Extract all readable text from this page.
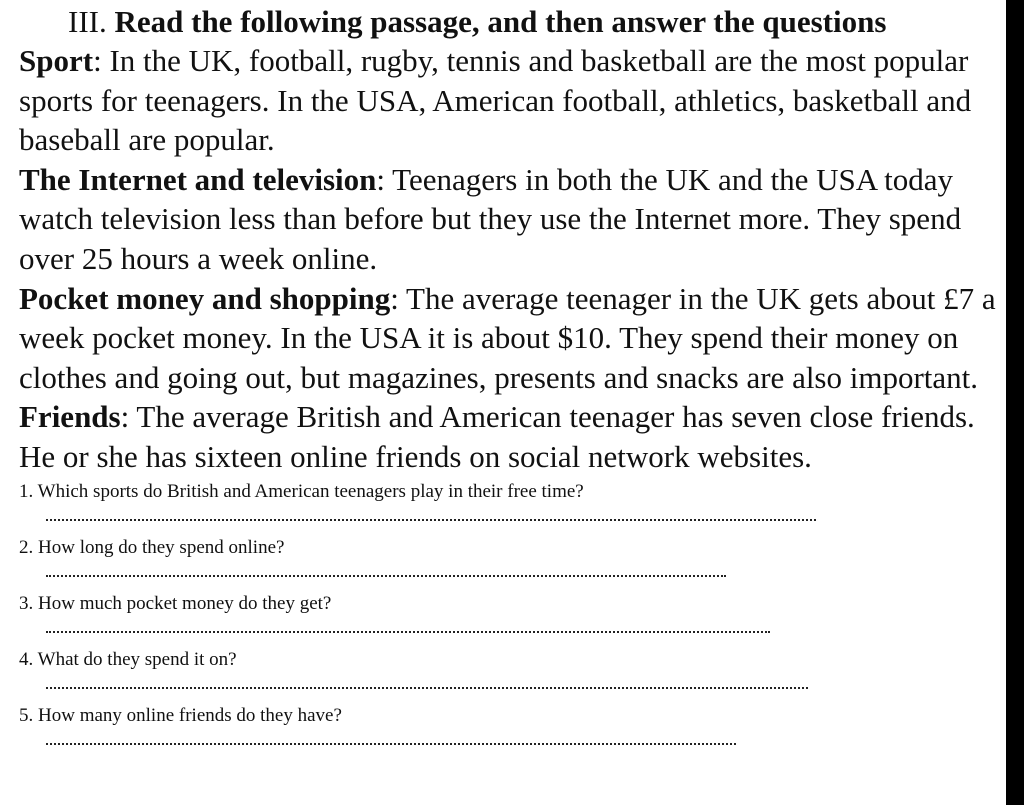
III. Read the following passage, and then answer the questions

Sport: In the UK, football, rugby, tennis and basketball are the most popular sports for teenagers. In the USA, American football, athletics, basketball and baseball are popular.

The Internet and television: Teenagers in both the UK and the USA today watch television less than before but they use the Internet more. They spend over 25 hours a week online.

Pocket money and shopping: The average teenager in the UK gets about £7 a week pocket money. In the USA it is about $10. They spend their money on clothes and going out, but magazines, presents and snacks are also important.

Friends: The average British and American teenager has seven close friends. He or she has sixteen online friends on social network websites.

1. Which sports do British and American teenagers play in their free time?

2. How long do they spend online?

3. How much pocket money do they get?

4. What do they spend it on?

5. How many online friends do they have?
